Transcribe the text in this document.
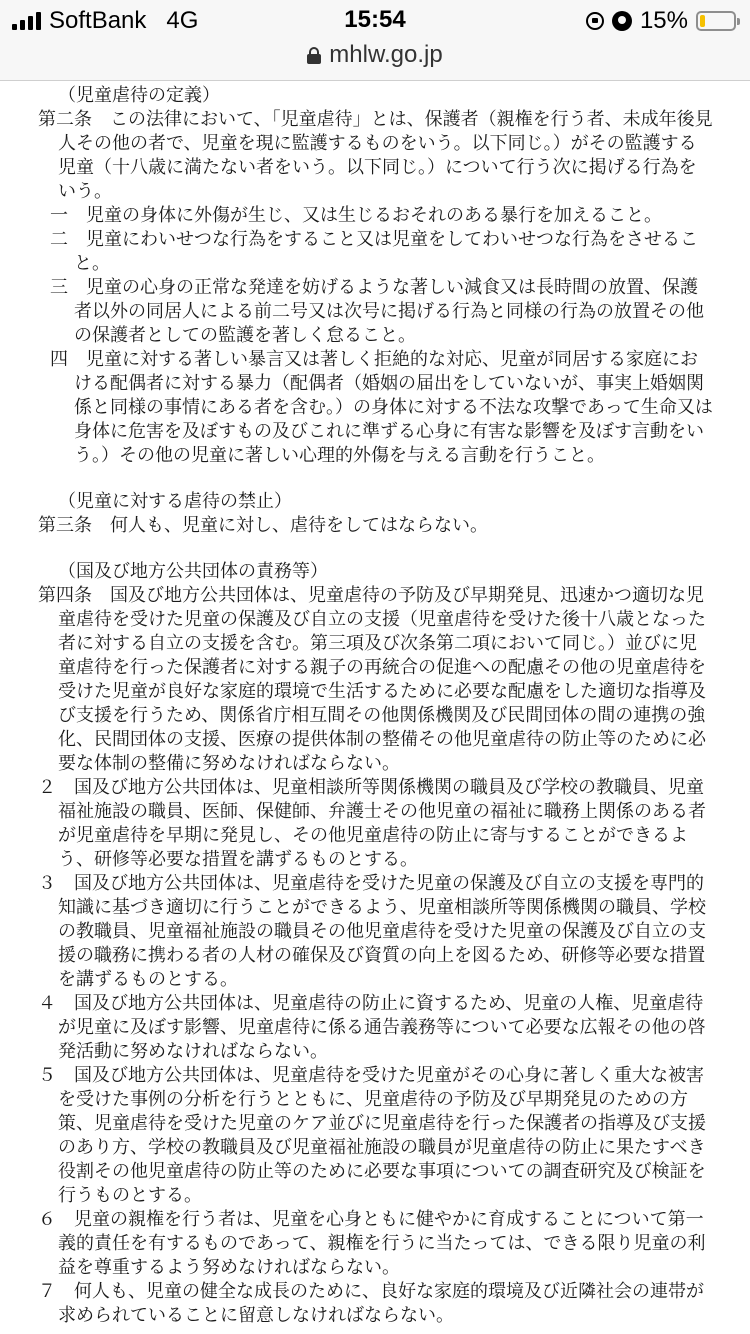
SoftBank 4G	15:54	15%
mhlw.go.jp
（児童虐待の定義）
第二条　この法律において、「児童虐待」とは、保護者（親権を行う者、未成年後見人その他の者で、児童を現に監護するものをいう。以下同じ。）がその監護する児童（十八歳に満たない者をいう。以下同じ。）について行う次に掲げる行為をいう。
一　児童の身体に外傷が生じ、又は生じるおそれのある暴行を加えること。
二　児童にわいせつな行為をすること又は児童をしてわいせつな行為をさせること。
三　児童の心身の正常な発達を妨げるような著しい減食又は長時間の放置、保護者以外の同居人による前二号又は次号に掲げる行為と同様の行為の放置その他の保護者としての監護を著しく怠ること。
四　児童に対する著しい暴言又は著しく拒絶的な対応、児童が同居する家庭における配偶者に対する暴力（配偶者（婚姻の届出をしていないが、事実上婚姻関係と同様の事情にある者を含む。）の身体に対する不法な攻撃であって生命又は身体に危害を及ぼすもの及びこれに準ずる心身に有害な影響を及ぼす言動をいう。）その他の児童に著しい心理的外傷を与える言動を行うこと。
（児童に対する虐待の禁止）
第三条　何人も、児童に対し、虐待をしてはならない。
（国及び地方公共団体の責務等）
第四条　国及び地方公共団体は、児童虐待の予防及び早期発見、迅速かつ適切な児童虐待を受けた児童の保護及び自立の支援（児童虐待を受けた後十八歳となった者に対する自立の支援を含む。第三項及び次条第二項において同じ。）並びに児童虐待を行った保護者に対する親子の再統合の促進への配慮その他の児童虐待を受けた児童が良好な家庭的環境で生活するために必要な配慮をした適切な指導及び支援を行うため、関係省庁相互間その他関係機関及び民間団体の間の連携の強化、民間団体の支援、医療の提供体制の整備その他児童虐待の防止等のために必要な体制の整備に努めなければならない。
２　国及び地方公共団体は、児童相談所等関係機関の職員及び学校の教職員、児童福祉施設の職員、医師、保健師、弁護士その他児童の福祉に職務上関係のある者が児童虐待を早期に発見し、その他児童虐待の防止に寄与することができるよう、研修等必要な措置を講ずるものとする。
３　国及び地方公共団体は、児童虐待を受けた児童の保護及び自立の支援を専門的知識に基づき適切に行うことができるよう、児童相談所等関係機関の職員、学校の教職員、児童福祉施設の職員その他児童虐待を受けた児童の保護及び自立の支援の職務に携わる者の人材の確保及び資質の向上を図るため、研修等必要な措置を講ずるものとする。
４　国及び地方公共団体は、児童虐待の防止に資するため、児童の人権、児童虐待が児童に及ぼす影響、児童虐待に係る通告義務等について必要な広報その他の啓発活動に努めなければならない。
５　国及び地方公共団体は、児童虐待を受けた児童がその心身に著しく重大な被害を受けた事例の分析を行うとともに、児童虐待の予防及び早期発見のための方策、児童虐待を受けた児童のケア並びに児童虐待を行った保護者の指導及び支援のあり方、学校の教職員及び児童福祉施設の職員が児童虐待の防止に果たすべき役割その他児童虐待の防止等のために必要な事項についての調査研究及び検証を行うものとする。
６　児童の親権を行う者は、児童を心身ともに健やかに育成することについて第一義的責任を有するものであって、親権を行うに当たっては、できる限り児童の利益を尊重するよう努めなければならない。
７　何人も、児童の健全な成長のために、良好な家庭的環境及び近隣社会の連帯が求められていることに留意しなければならない。
